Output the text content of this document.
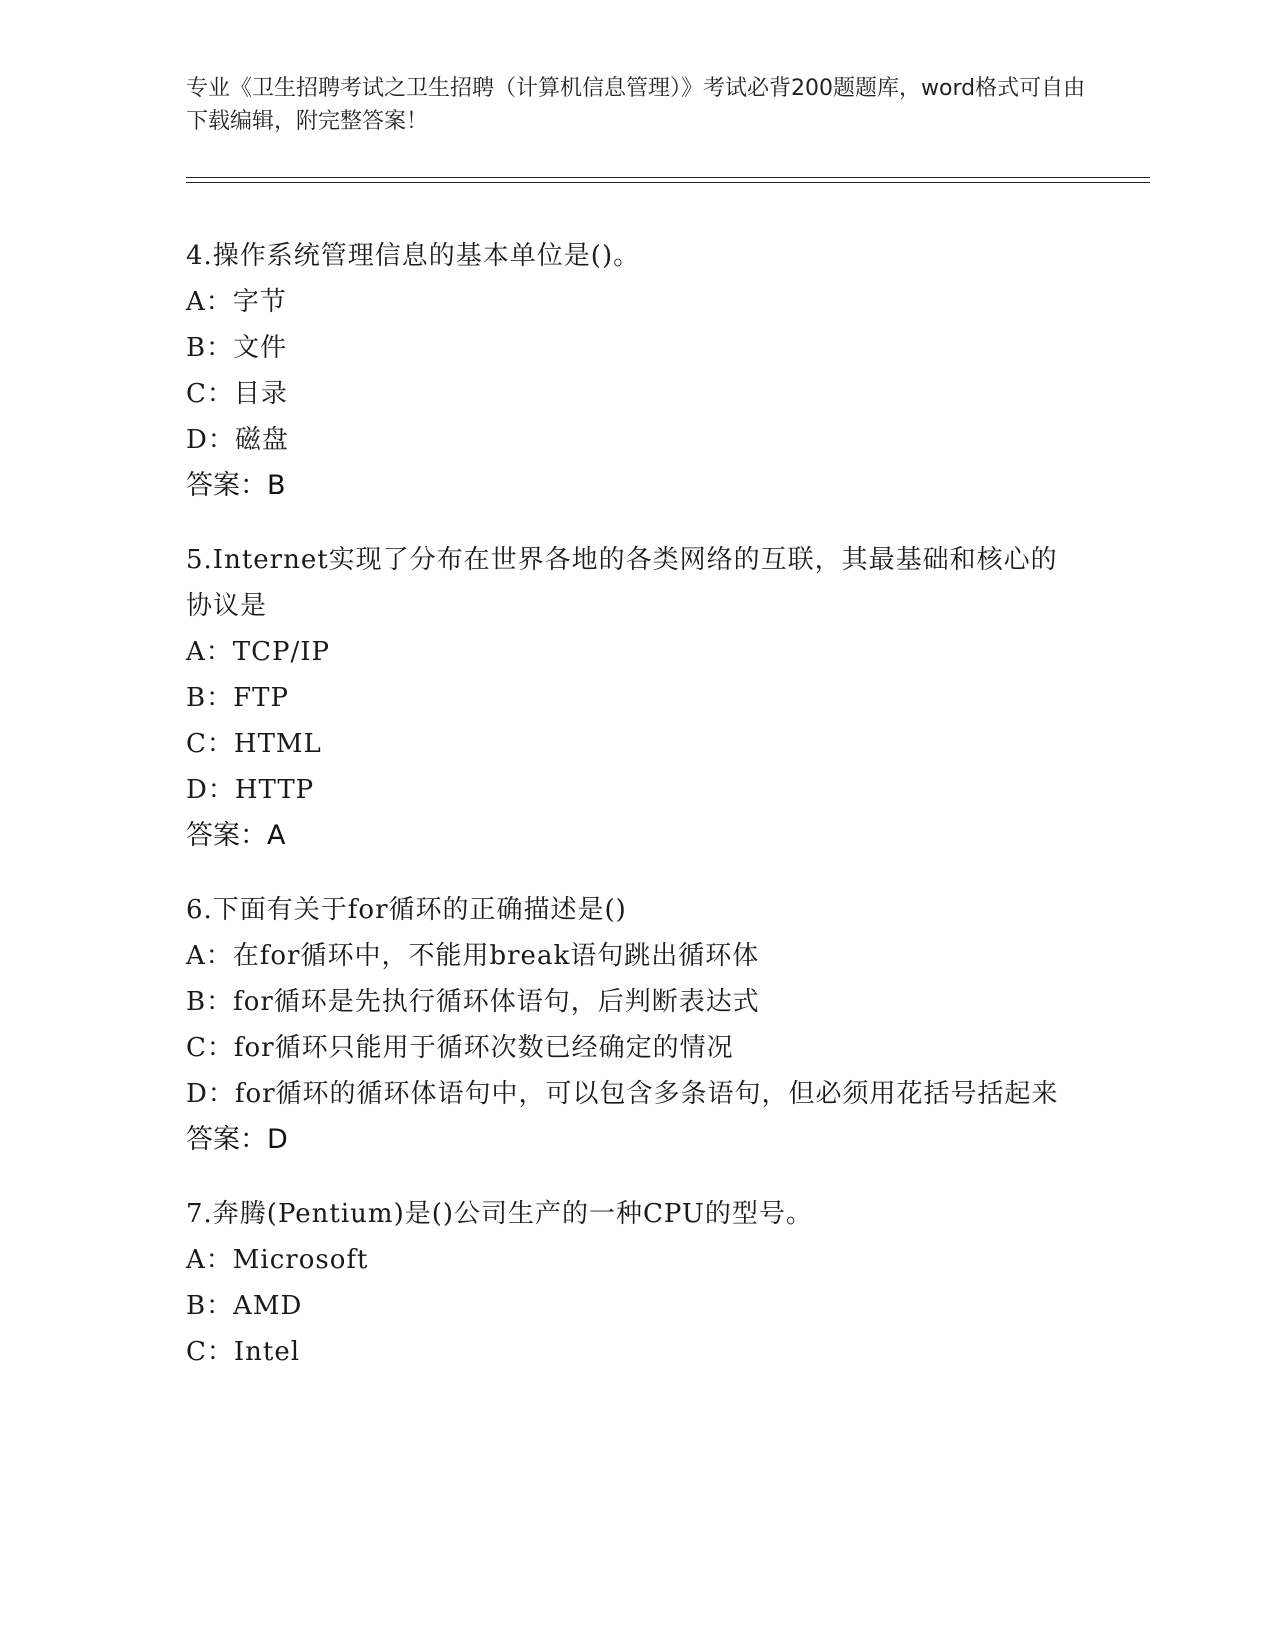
专业《卫生招聘考试之卫生招聘（计算机信息管理）》考试必背200题题库，word格式可自由下载编辑，附完整答案！
4.操作系统管理信息的基本单位是()。
A：字节
B：文件
C：目录
D：磁盘
答案：B
5.Internet实现了分布在世界各地的各类网络的互联，其最基础和核心的协议是
A：TCP/IP
B：FTP
C：HTML
D：HTTP
答案：A
6.下面有关于for循环的正确描述是()
A：在for循环中，不能用break语句跳出循环体
B：for循环是先执行循环体语句，后判断表达式
C：for循环只能用于循环次数已经确定的情况
D：for循环的循环体语句中，可以包含多条语句，但必须用花括号括起来
答案：D
7.奔腾(Pentium)是()公司生产的一种CPU的型号。
A：Microsoft
B：AMD
C：Intel
